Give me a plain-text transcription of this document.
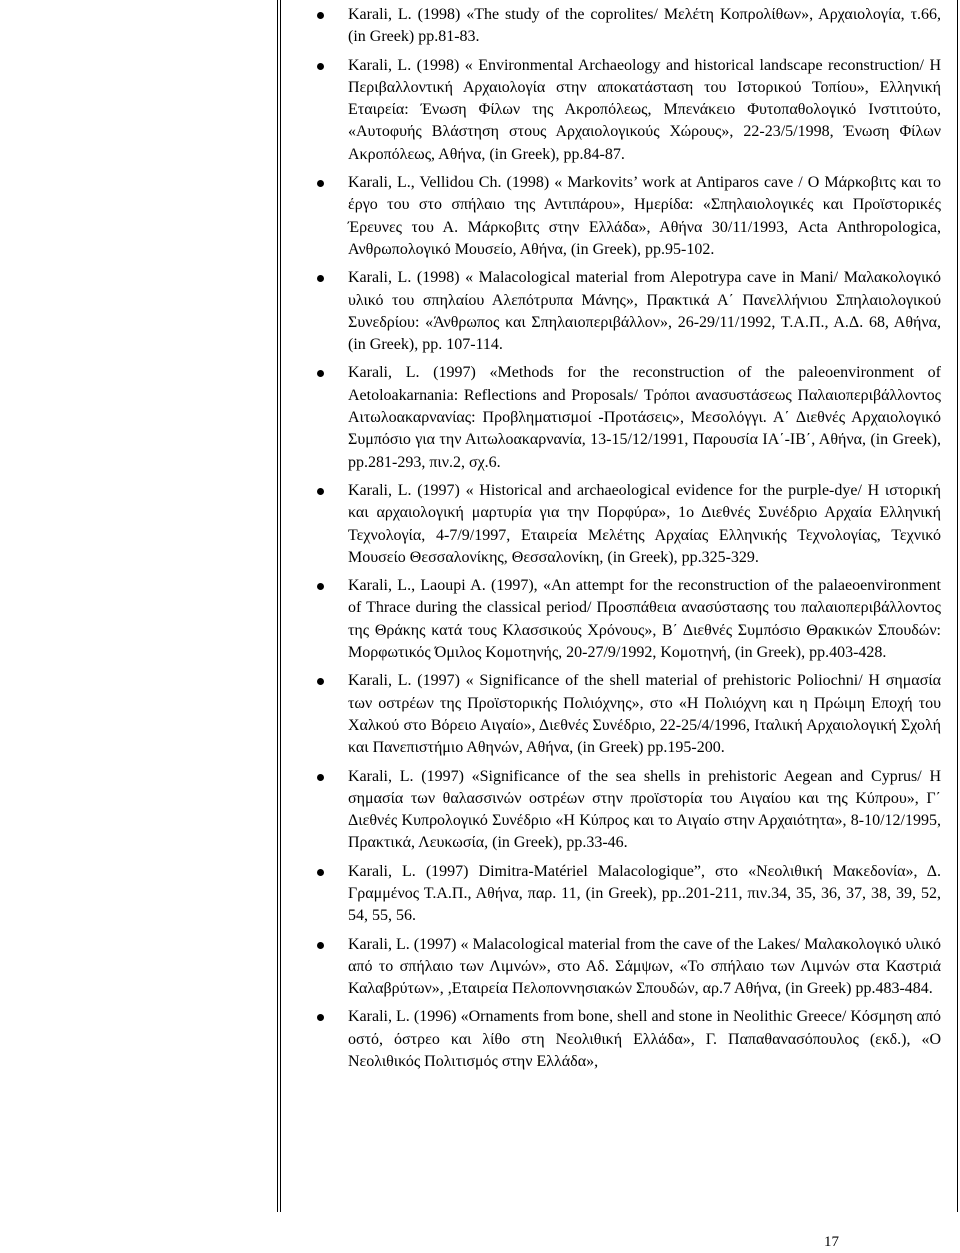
Karali, L. (1998) «The study of the coprolites/ Μελέτη Κοπρολίθων», Αρχαιολογία, τ.66, (in Greek) pp.81-83.
Karali, L. (1998) « Environmental Archaeology and historical landscape reconstruction/ Η Περιβαλλοντική Αρχαιολογία στην αποκατάσταση του Ιστορικού Τοπίου», Ελληνική Εταιρεία: Ένωση Φίλων της Ακροπόλεως, Μπενάκειο Φυτοπαθολογικό Ινστιτούτο, «Αυτοφυής Βλάστηση στους Αρχαιολογικούς Χώρους», 22-23/5/1998, Ένωση Φίλων Ακροπόλεως, Αθήνα, (in Greek), pp.84-87.
Karali, L., Vellidou Ch. (1998) « Markovits’ work at Antiparos cave / Ο Μάρκοβιτς και το έργο του στο σπήλαιο της Αντιπάρου», Ημερίδα: «Σπηλαιολογικές και Προϊστορικές Έρευνες του Α. Μάρκοβιτς στην Ελλάδα», Αθήνα 30/11/1993, Acta Anthropologica, Ανθρωπολογικό Μουσείο, Αθήνα, (in Greek), pp.95-102.
Karali, L. (1998) « Malacological material from Alepotrypa cave in Mani/ Μαλακολογικό υλικό του σπηλαίου Αλεπότρυπα Μάνης», Πρακτικά Α΄ Πανελλήνιου Σπηλαιολογικού Συνεδρίου: «Άνθρωπος και Σπηλαιοπεριβάλλον», 26-29/11/1992, Τ.Α.Π., Α.Δ. 68, Αθήνα, (in Greek), pp. 107-114.
Karali, L. (1997) «Methods for the reconstruction of the paleoenvironment of Aetoloakarnania: Reflections and Proposals/ Τρόποι ανασυστάσεως Παλαιοπεριβάλλοντος Αιτωλοακαρνανίας: Προβληματισμοί -Προτάσεις», Μεσολόγγι. Α΄ Διεθνές Αρχαιολογικό Συμπόσιο για την Αιτωλοακαρνανία, 13-15/12/1991, Παρουσία ΙΑ΄-ΙΒ΄, Αθήνα, (in Greek), pp.281-293, πιν.2, σχ.6.
Karali, L. (1997) « Historical and archaeological evidence for the purple-dye/ Η ιστορική και αρχαιολογική μαρτυρία για την Πορφύρα», 1ο Διεθνές Συνέδριο Αρχαία Ελληνική Τεχνολογία, 4-7/9/1997, Εταιρεία Μελέτης Αρχαίας Ελληνικής Τεχνολογίας, Τεχνικό Μουσείο Θεσσαλονίκης, Θεσσαλονίκη, (in Greek), pp.325-329.
Karali, L., Laoupi A. (1997), «An attempt for the reconstruction of the palaeoenvironment of Thrace during the classical period/ Προσπάθεια ανασύστασης του παλαιοπεριβάλλοντος της Θράκης κατά τους Κλασσικούς Χρόνους», Β΄ Διεθνές Συμπόσιο Θρακικών Σπουδών: Μορφωτικός Όμιλος Κομοτηνής, 20-27/9/1992, Κομοτηνή, (in Greek), pp.403-428.
Karali, L. (1997) « Significance of the shell material of prehistoric Poliochni/ Η σημασία των οστρέων της Προϊστορικής Πολιόχνης», στο «Η Πολιόχνη και η Πρώιμη Εποχή του Χαλκού στο Βόρειο Αιγαίο», Διεθνές Συνέδριο, 22-25/4/1996, Ιταλική Αρχαιολογική Σχολή και Πανεπιστήμιο Αθηνών, Αθήνα, (in Greek) pp.195-200.
Karali, L. (1997) «Significance of the sea shells in prehistoric Aegean and Cyprus/ Η σημασία των θαλασσινών οστρέων στην προϊστορία του Αιγαίου και της Κύπρου», Γ΄ Διεθνές Κυπρολογικό Συνέδριο «Η Κύπρος και το Αιγαίο στην Αρχαιότητα», 8-10/12/1995, Πρακτικά, Λευκωσία, (in Greek), pp.33-46.
Karali, L. (1997) Dimitra-Matériel Malacologique”, στο «Νεολιθική Μακεδονία», Δ. Γραμμένος Τ.Α.Π., Αθήνα, παρ. 11, (in Greek), pp..201-211, πιν.34, 35, 36, 37, 38, 39, 52, 54, 55, 56.
Karali, L. (1997) « Malacological material from the cave of the Lakes/ Μαλακολογικό υλικό από το σπήλαιο των Λιμνών», στο Αδ. Σάμψων, «Το σπήλαιο των Λιμνών στα Καστριά Καλαβρύτων», ,Εταιρεία Πελοποννησιακών Σπουδών, αρ.7 Αθήνα, (in Greek) pp.483-484.
Karali, L. (1996) «Ornaments from bone, shell and stone in Neolithic Greece/ Κόσμηση από οστό, όστρεο και λίθο στη Νεολιθική Ελλάδα», Γ. Παπαθανασόπουλος (εκδ.), «Ο Νεολιθικός Πολιτισμός στην Ελλάδα»,
17
